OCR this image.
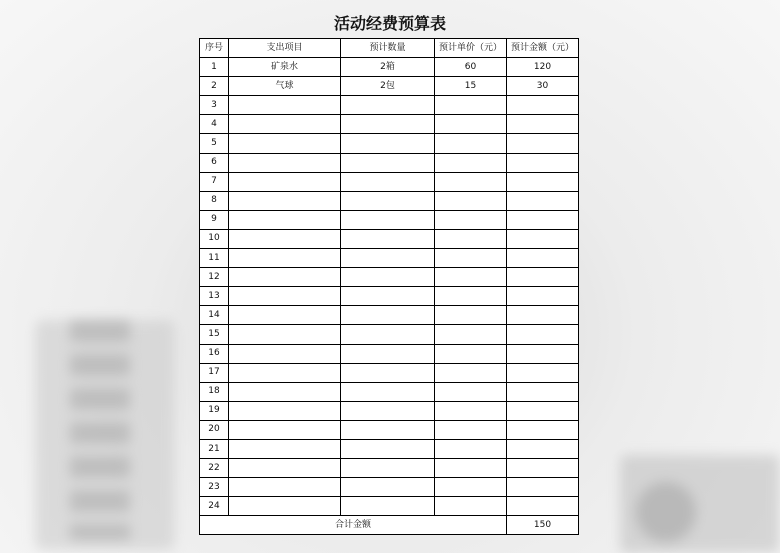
活动经费预算表
序号	支出项目	预计数量	预计单价（元）	预计金额（元）
1	矿泉水	2箱	60	120
2	气球	2包	15	30
3				
4				
5				
6				
7				
8				
9				
10				
11				
12				
13				
14				
15				
16				
17				
18				
19				
20				
21				
22				
23				
24				
合计金额				150
